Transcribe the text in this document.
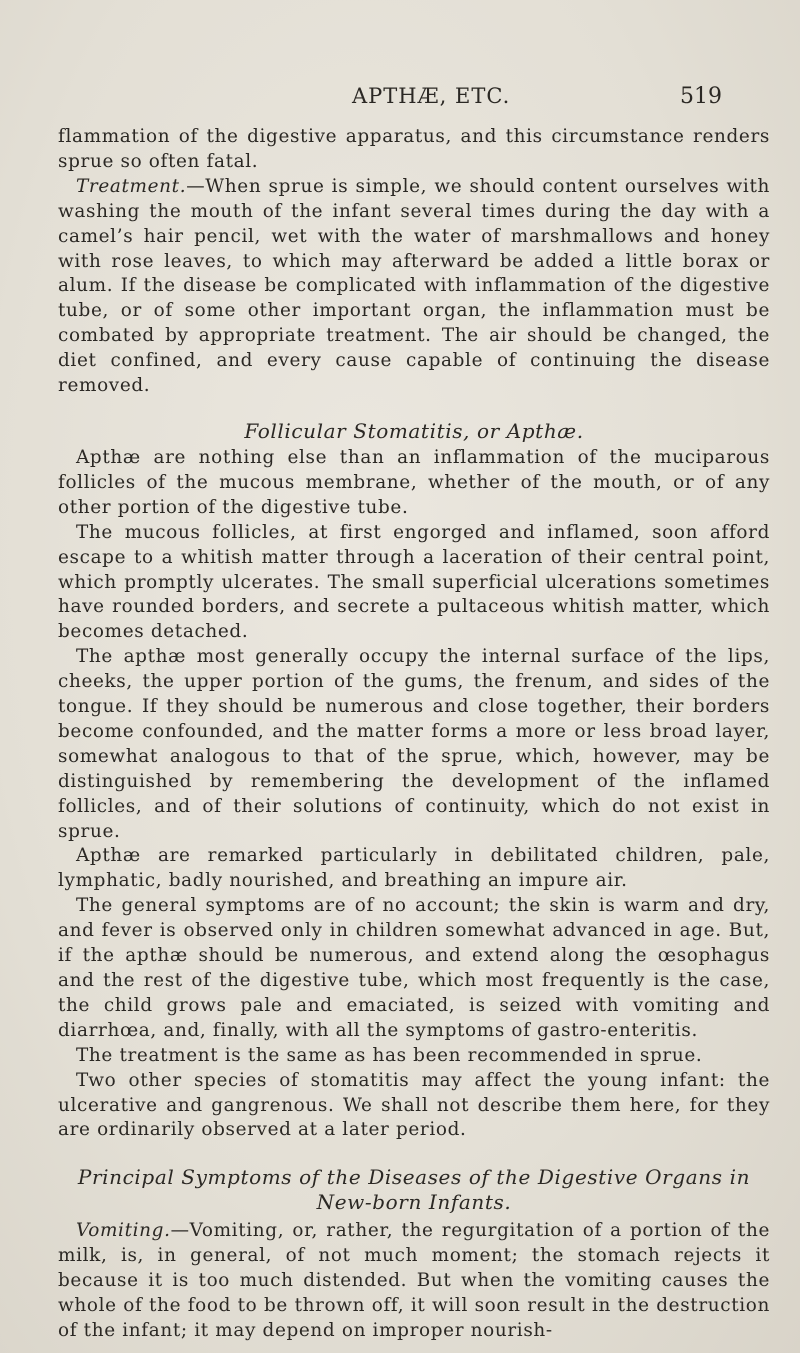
APTHÆ, ETC.	519

flammation of the digestive apparatus, and this circumstance renders sprue so often fatal.

Treatment.—When sprue is simple, we should content ourselves with washing the mouth of the infant several times during the day with a camel’s hair pencil, wet with the water of marshmallows and honey with rose leaves, to which may afterward be added a little borax or alum. If the disease be complicated with inflammation of the digestive tube, or of some other important organ, the inflammation must be combated by appropriate treatment. The air should be changed, the diet confined, and every cause capable of continuing the disease removed.

Follicular Stomatitis, or Apthæ.

Apthæ are nothing else than an inflammation of the muciparous follicles of the mucous membrane, whether of the mouth, or of any other portion of the digestive tube.

The mucous follicles, at first engorged and inflamed, soon afford escape to a whitish matter through a laceration of their central point, which promptly ulcerates. The small superficial ulcerations sometimes have rounded borders, and secrete a pultaceous whitish matter, which becomes detached.

The apthæ most generally occupy the internal surface of the lips, cheeks, the upper portion of the gums, the frenum, and sides of the tongue. If they should be numerous and close together, their borders become confounded, and the matter forms a more or less broad layer, somewhat analogous to that of the sprue, which, however, may be distinguished by remembering the development of the inflamed follicles, and of their solutions of continuity, which do not exist in sprue.

Apthæ are remarked particularly in debilitated children, pale, lymphatic, badly nourished, and breathing an impure air.

The general symptoms are of no account; the skin is warm and dry, and fever is observed only in children somewhat advanced in age. But, if the apthæ should be numerous, and extend along the œsophagus and the rest of the digestive tube, which most frequently is the case, the child grows pale and emaciated, is seized with vomiting and diarrhœa, and, finally, with all the symptoms of gastro-enteritis.

The treatment is the same as has been recommended in sprue.

Two other species of stomatitis may affect the young infant: the ulcerative and gangrenous. We shall not describe them here, for they are ordinarily observed at a later period.

Principal Symptoms of the Diseases of the Digestive Organs in
New-born Infants.

Vomiting.—Vomiting, or, rather, the regurgitation of a portion of the milk, is, in general, of not much moment; the stomach rejects it because it is too much distended. But when the vomiting causes the whole of the food to be thrown off, it will soon result in the destruction of the infant; it may depend on improper nourish-
